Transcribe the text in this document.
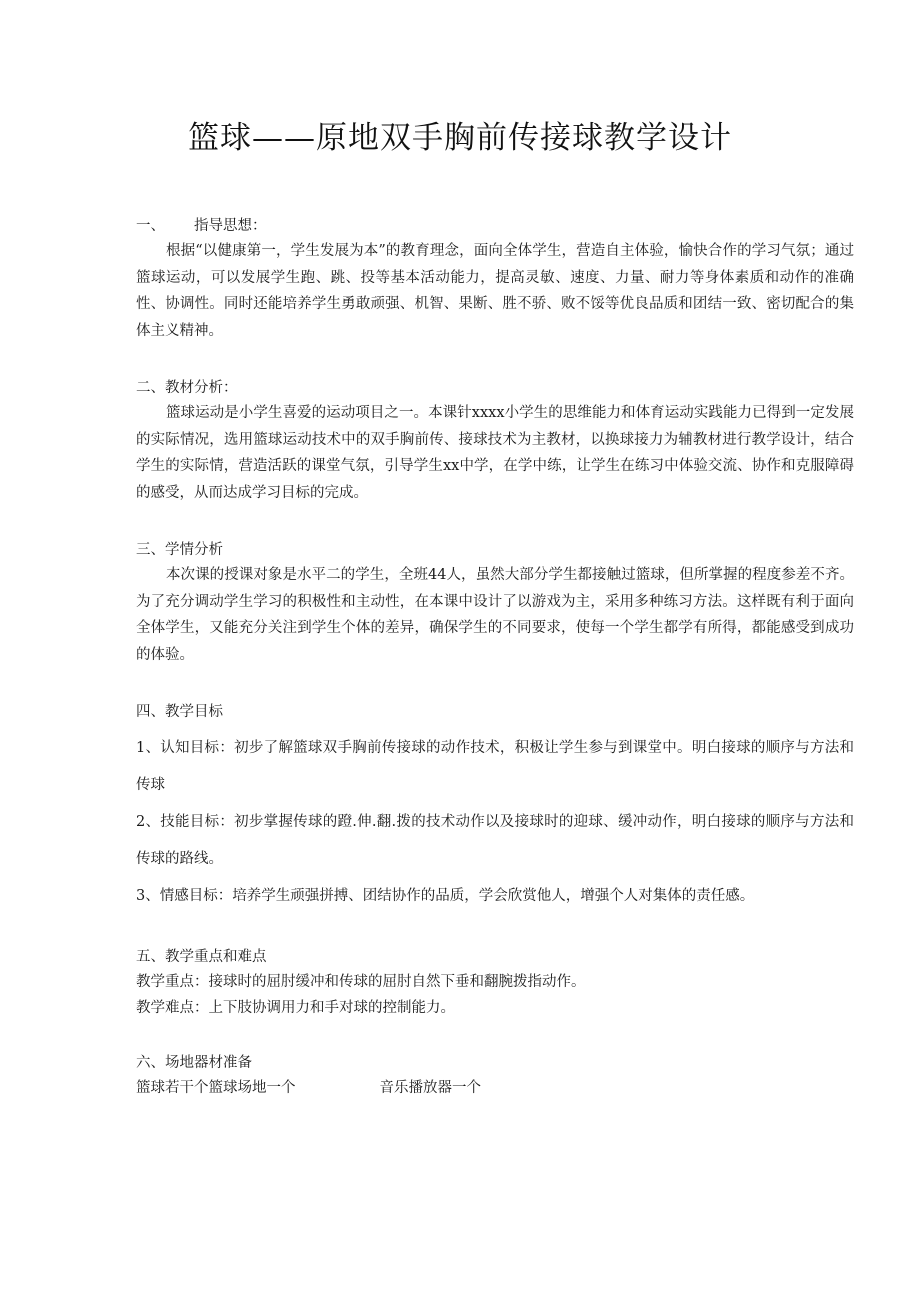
篮球——原地双手胸前传接球教学设计
一、 指导思想：

根据“以健康第一，学生发展为本”的教育理念，面向全体学生，营造自主体验，愉快合作的学习气氛；通过篮球运动，可以发展学生跑、跳、投等基本活动能力，提高灵敏、速度、力量、耐力等身体素质和动作的准确性、协调性。同时还能培养学生勇敢顽强、机智、果断、胜不骄、败不馁等优良品质和团结一致、密切配合的集体主义精神。

二、教材分析：

篮球运动是小学生喜爱的运动项目之一。本课针xxxx小学生的思维能力和体育运动实践能力已得到一定发展的实际情况，选用篮球运动技术中的双手胸前传、接球技术为主教材，以换球接力为辅教材进行教学设计，结合学生的实际情，营造活跃的课堂气氛，引导学生xx中学，在学中练，让学生在练习中体验交流、协作和克服障碍的感受，从而达成学习目标的完成。

三、学情分析

本次课的授课对象是水平二的学生，全班44人，虽然大部分学生都接触过篮球，但所掌握的程度参差不齐。为了充分调动学生学习的积极性和主动性，在本课中设计了以游戏为主，采用多种练习方法。这样既有利于面向全体学生，又能充分关注到学生个体的差异，确保学生的不同要求，使每一个学生都学有所得，都能感受到成功的体验。

四、教学目标

1、认知目标：初步了解篮球双手胸前传接球的动作技术，积极让学生参与到课堂中。明白接球的顺序与方法和传球

2、技能目标：初步掌握传球的蹬.伸.翻.拨的技术动作以及接球时的迎球、缓冲动作，明白接球的顺序与方法和传球的路线。

3、情感目标：培养学生顽强拼搏、团结协作的品质，学会欣赏他人，增强个人对集体的责任感。

五、教学重点和难点

教学重点：接球时的屈肘缓冲和传球的屈肘自然下垂和翻腕拨指动作。

教学难点：上下肢协调用力和手对球的控制能力。

六、场地器材准备

篮球若干个篮球场地一个	音乐播放器一个
